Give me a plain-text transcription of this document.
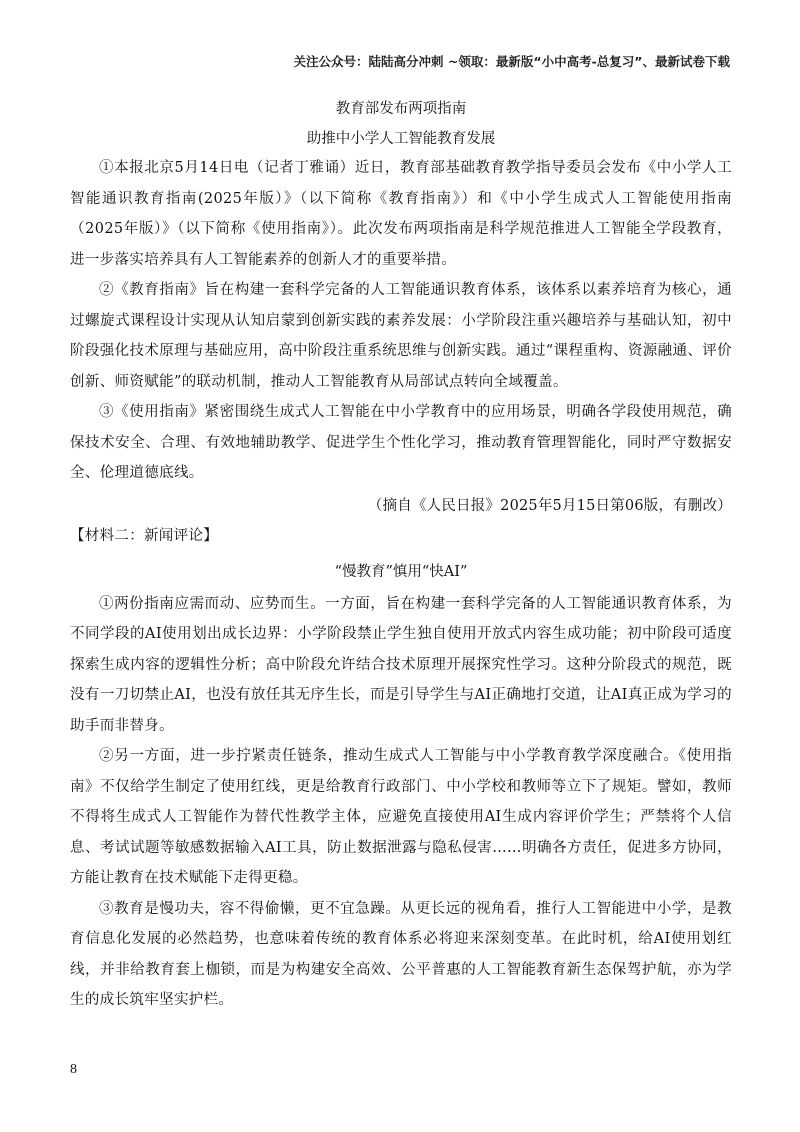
关注公众号：陆陆高分冲刺 ~领取：最新版“小中高考-总复习”、最新试卷下载
教育部发布两项指南
助推中小学人工智能教育发展

①本报北京5月14日电（记者丁雅诵）近日，教育部基础教育教学指导委员会发布《中小学人工智能通识教育指南(2025年版）》（以下简称《教育指南》）和《中小学生成式人工智能使用指南（2025年版）》（以下简称《使用指南》）。此次发布两项指南是科学规范推进人工智能全学段教育，进一步落实培养具有人工智能素养的创新人才的重要举措。

②《教育指南》旨在构建一套科学完备的人工智能通识教育体系，该体系以素养培育为核心，通过螺旋式课程设计实现从认知启蒙到创新实践的素养发展：小学阶段注重兴趣培养与基础认知，初中阶段强化技术原理与基础应用，高中阶段注重系统思维与创新实践。通过“课程重构、资源融通、评价创新、师资赋能”的联动机制，推动人工智能教育从局部试点转向全域覆盖。

③《使用指南》紧密围绕生成式人工智能在中小学教育中的应用场景，明确各学段使用规范，确保技术安全、合理、有效地辅助教学、促进学生个性化学习，推动教育管理智能化，同时严守数据安全、伦理道德底线。

（摘自《人民日报》2025年5月15日第06版，有删改）
【材料二：新闻评论】
“慢教育”慎用“快AI”

①两份指南应需而动、应势而生。一方面，旨在构建一套科学完备的人工智能通识教育体系，为不同学段的AI使用划出成长边界：小学阶段禁止学生独自使用开放式内容生成功能；初中阶段可适度探索生成内容的逻辑性分析；高中阶段允许结合技术原理开展探究性学习。这种分阶段式的规范，既没有一刀切禁止AI，也没有放任其无序生长，而是引导学生与AI正确地打交道，让AI真正成为学习的助手而非替身。

②另一方面，进一步拧紧责任链条，推动生成式人工智能与中小学教育教学深度融合。《使用指南》不仅给学生制定了使用红线，更是给教育行政部门、中小学校和教师等立下了规矩。譬如，教师不得将生成式人工智能作为替代性教学主体，应避免直接使用AI生成内容评价学生；严禁将个人信息、考试试题等敏感数据输入AI工具，防止数据泄露与隐私侵害……明确各方责任，促进多方协同，方能让教育在技术赋能下走得更稳。

③教育是慢功夫，容不得偷懒，更不宜急躁。从更长远的视角看，推行人工智能进中小学，是教育信息化发展的必然趋势，也意味着传统的教育体系必将迎来深刻变革。在此时机，给AI使用划红线，并非给教育套上枷锁，而是为构建安全高效、公平普惠的人工智能教育新生态保驾护航，亦为学生的成长筑牢坚实护栏。

8
